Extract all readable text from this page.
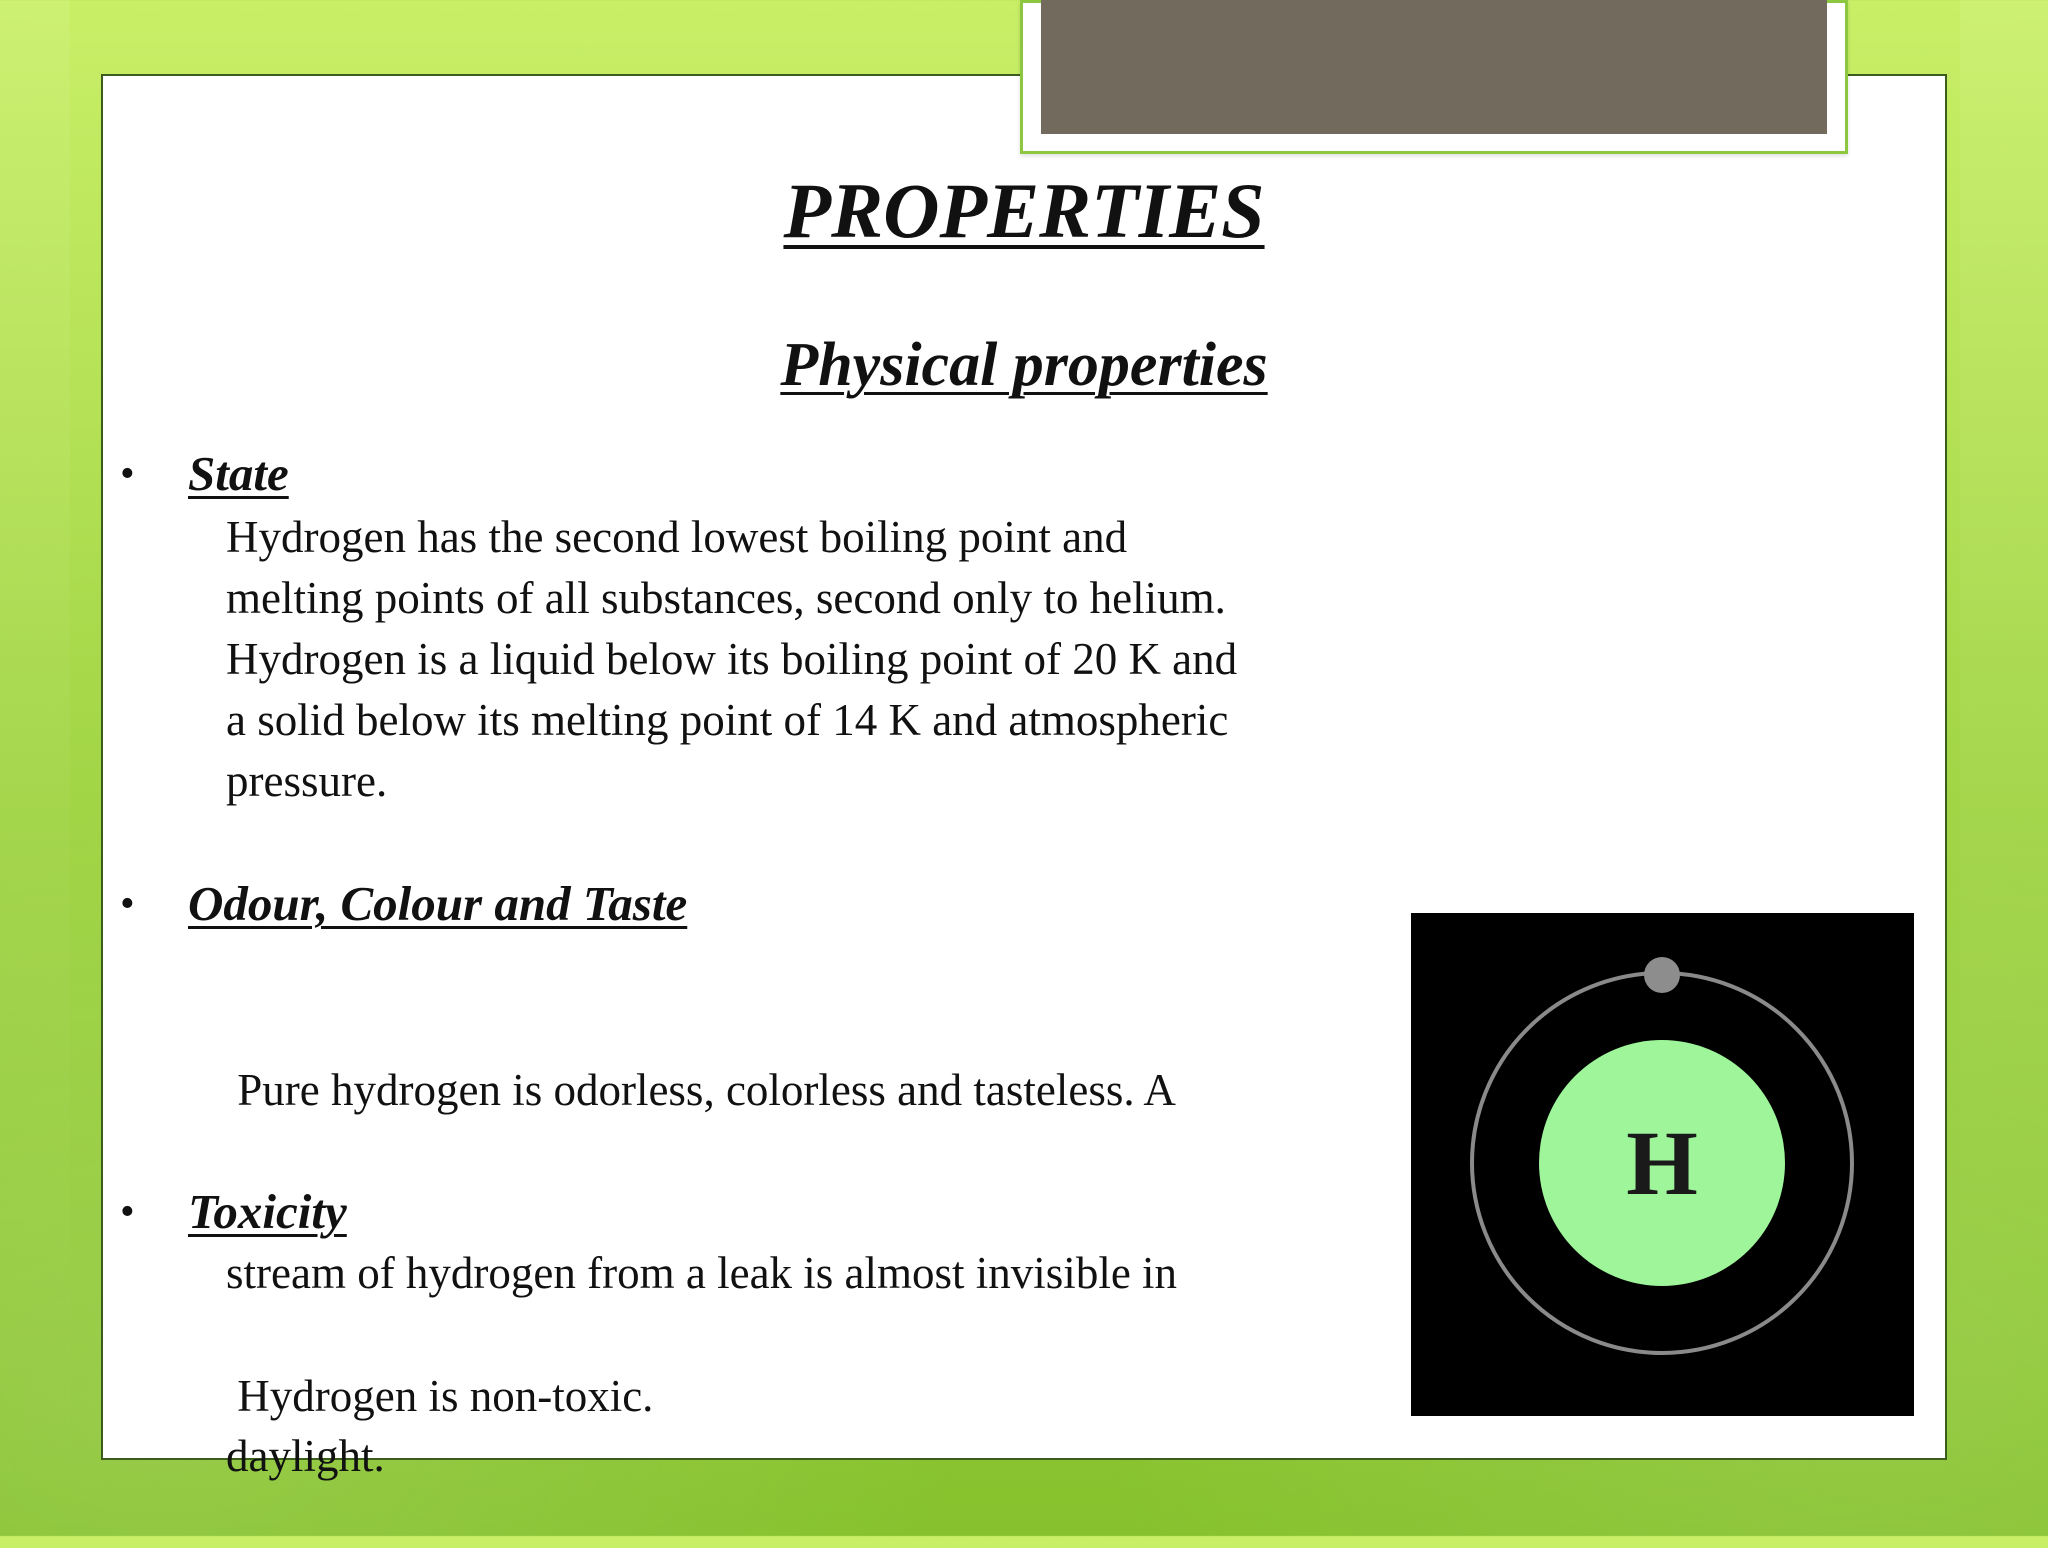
PROPERTIES
Physical properties
• State
Hydrogen has the second lowest boiling point and
melting points of all substances, second only to helium.
Hydrogen is a liquid below its boiling point of 20 K and
a solid below its melting point of 14 K and atmospheric
pressure.
• Odour, Colour and Taste

Pure hydrogen is odorless, colorless and tasteless. A

stream of hydrogen from a leak is almost invisible in

daylight.

• Toxicity

Hydrogen is non-toxic.

H
